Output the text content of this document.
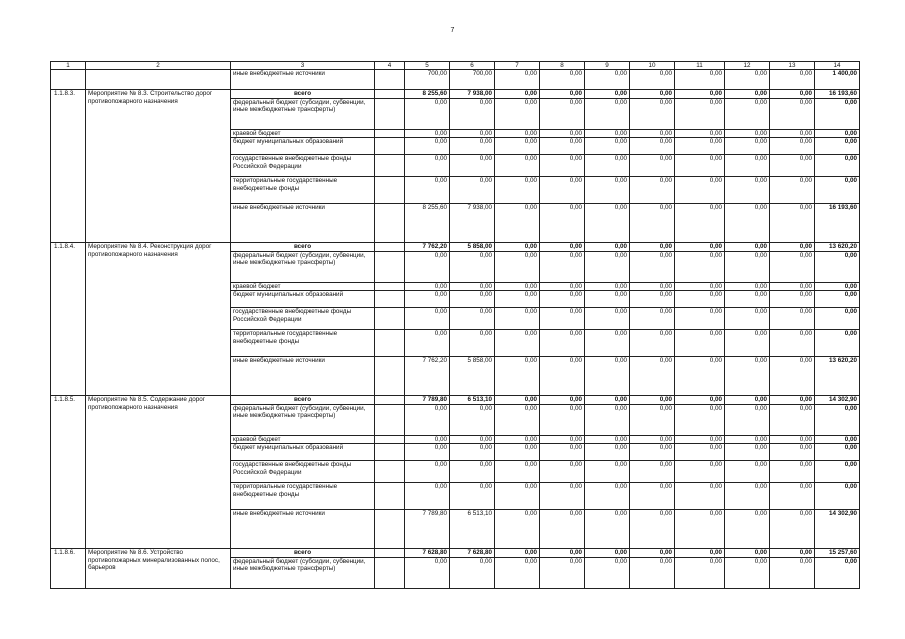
7
1	2	3	4	5	6	7	8	9	10	11	12	13	14
		иные внебюджетные источники		700,00	700,00	0,00	0,00	0,00	0,00	0,00	0,00	0,00	1 400,00
1.1.8.3.	Мероприятие № 8.3. Строительство дорог противопожарного назначения	всего		8 255,60	7 938,00	0,00	0,00	0,00	0,00	0,00	0,00	0,00	16 193,60
		федеральный бюджет (субсидии, субвенции, иные межбюджетные трансферты)		0,00	0,00	0,00	0,00	0,00	0,00	0,00	0,00	0,00	0,00
		краевой бюджет		0,00	0,00	0,00	0,00	0,00	0,00	0,00	0,00	0,00	0,00
		бюджет муниципальных образований		0,00	0,00	0,00	0,00	0,00	0,00	0,00	0,00	0,00	0,00
		государственные внебюджетные фонды Российской Федерации		0,00	0,00	0,00	0,00	0,00	0,00	0,00	0,00	0,00	0,00
		территориальные государственные внебюджетные фонды		0,00	0,00	0,00	0,00	0,00	0,00	0,00	0,00	0,00	0,00
		иные внебюджетные источники		8 255,60	7 938,00	0,00	0,00	0,00	0,00	0,00	0,00	0,00	16 193,60
1.1.8.4.	Мероприятие № 8.4. Реконструкция дорог противопожарного назначения	всего		7 762,20	5 858,00	0,00	0,00	0,00	0,00	0,00	0,00	0,00	13 620,20
		федеральный бюджет (субсидии, субвенции, иные межбюджетные трансферты)		0,00	0,00	0,00	0,00	0,00	0,00	0,00	0,00	0,00	0,00
		краевой бюджет		0,00	0,00	0,00	0,00	0,00	0,00	0,00	0,00	0,00	0,00
		бюджет муниципальных образований		0,00	0,00	0,00	0,00	0,00	0,00	0,00	0,00	0,00	0,00
		государственные внебюджетные фонды Российской Федерации		0,00	0,00	0,00	0,00	0,00	0,00	0,00	0,00	0,00	0,00
		территориальные государственные внебюджетные фонды		0,00	0,00	0,00	0,00	0,00	0,00	0,00	0,00	0,00	0,00
		иные внебюджетные источники		7 762,20	5 858,00	0,00	0,00	0,00	0,00	0,00	0,00	0,00	13 620,20
1.1.8.5.	Мероприятие № 8.5. Содержание дорог противопожарного назначения	всего		7 789,80	6 513,10	0,00	0,00	0,00	0,00	0,00	0,00	0,00	14 302,90
		федеральный бюджет (субсидии, субвенции, иные межбюджетные трансферты)		0,00	0,00	0,00	0,00	0,00	0,00	0,00	0,00	0,00	0,00
		краевой бюджет		0,00	0,00	0,00	0,00	0,00	0,00	0,00	0,00	0,00	0,00
		бюджет муниципальных образований		0,00	0,00	0,00	0,00	0,00	0,00	0,00	0,00	0,00	0,00
		государственные внебюджетные фонды Российской Федерации		0,00	0,00	0,00	0,00	0,00	0,00	0,00	0,00	0,00	0,00
		территориальные государственные внебюджетные фонды		0,00	0,00	0,00	0,00	0,00	0,00	0,00	0,00	0,00	0,00
		иные внебюджетные источники		7 789,80	6 513,10	0,00	0,00	0,00	0,00	0,00	0,00	0,00	14 302,90
1.1.8.6.	Мероприятие № 8.6. Устройство противопожарных минерализованных полос, барьеров	всего		7 628,80	7 628,80	0,00	0,00	0,00	0,00	0,00	0,00	0,00	15 257,60
		федеральный бюджет (субсидии, субвенции, иные межбюджетные трансферты)		0,00	0,00	0,00	0,00	0,00	0,00	0,00	0,00	0,00	0,00
